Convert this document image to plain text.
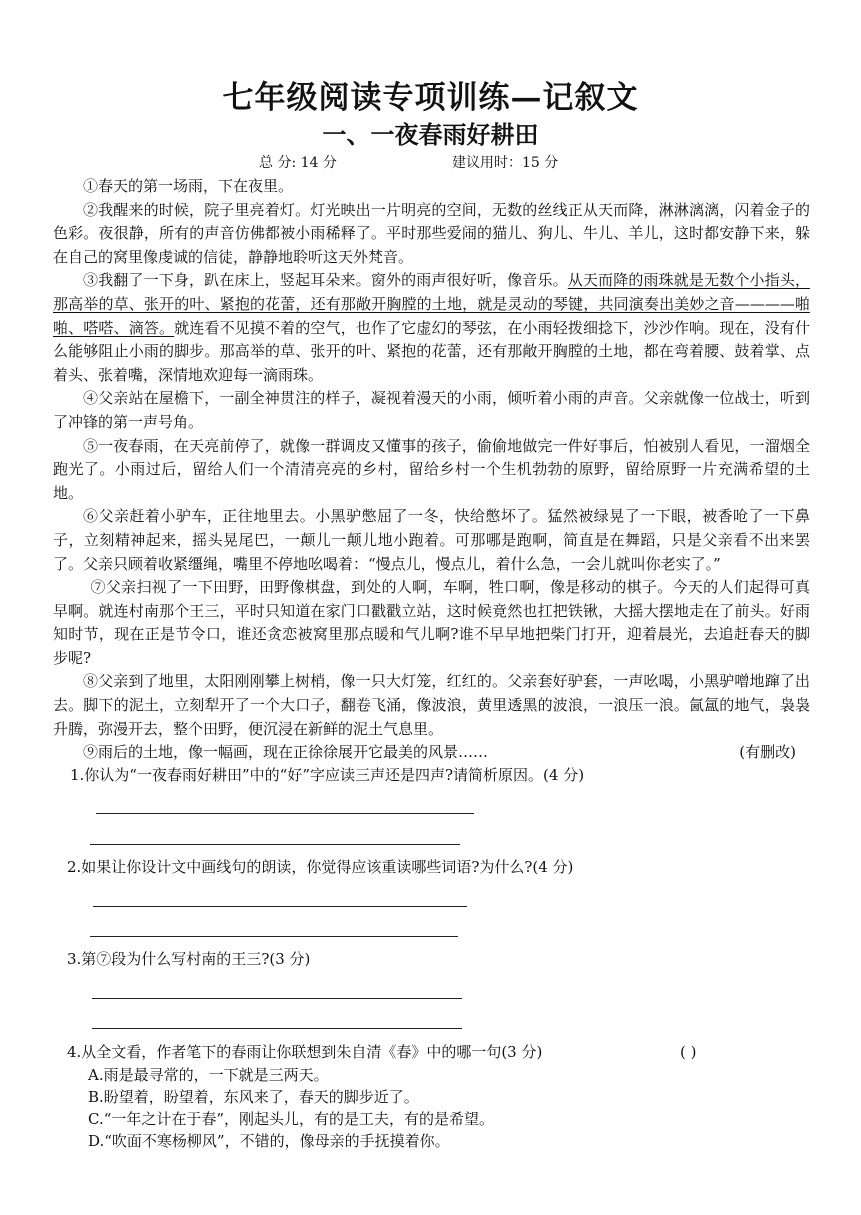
七年级阅读专项训练—记叙文
一、一夜春雨好耕田
总 分: 14 分	建议用时：15 分

①春天的第一场雨，下在夜里。

②我醒来的时候，院子里亮着灯。灯光映出一片明亮的空间，无数的丝线正从天而降，淋淋漓漓，闪着金子的色彩。夜很静，所有的声音仿佛都被小雨稀释了。平时那些爱闹的猫儿、狗儿、牛儿、羊儿，这时都安静下来，躲在自己的窝里像虔诚的信徒，静静地聆听这天外梵音。

③我翻了一下身，趴在床上，竖起耳朵来。窗外的雨声很好听，像音乐。从天而降的雨珠就是无数个小指头，那高举的草、张开的叶、紧抱的花蕾，还有那敞开胸膛的土地，就是灵动的琴键，共同演奏出美妙之音————啪啪、嗒嗒、滴答。就连看不见摸不着的空气，也作了它虚幻的琴弦，在小雨轻拨细捻下，沙沙作响。现在，没有什么能够阻止小雨的脚步。那高举的草、张开的叶、紧抱的花蕾，还有那敞开胸膛的土地，都在弯着腰、鼓着掌、点着头、张着嘴，深情地欢迎每一滴雨珠。

④父亲站在屋檐下，一副全神贯注的样子，凝视着漫天的小雨，倾听着小雨的声音。父亲就像一位战士，听到了冲锋的第一声号角。

⑤一夜春雨，在天亮前停了，就像一群调皮又懂事的孩子，偷偷地做完一件好事后，怕被别人看见，一溜烟全跑光了。小雨过后，留给人们一个清清亮亮的乡村，留给乡村一个生机勃勃的原野，留给原野一片充满希望的土地。

⑥父亲赶着小驴车，正往地里去。小黑驴憋屈了一冬，快给憋坏了。猛然被绿晃了一下眼，被香呛了一下鼻子，立刻精神起来，摇头晃尾巴，一颠儿一颠儿地小跑着。可那哪是跑啊，简直是在舞蹈，只是父亲看不出来罢了。父亲只顾着收紧缰绳，嘴里不停地吆喝着：“慢点儿，慢点儿，着什么急，一会儿就叫你老实了。”

⑦父亲扫视了一下田野，田野像棋盘，到处的人啊，车啊，牲口啊，像是移动的棋子。今天的人们起得可真早啊。就连村南那个王三，平时只知道在家门口戳戳立站，这时候竟然也扛把铁锹，大摇大摆地走在了前头。好雨知时节，现在正是节令口，谁还贪恋被窝里那点暖和气儿啊?谁不早早地把柴门打开，迎着晨光，去追赶春天的脚步呢?

⑧父亲到了地里，太阳刚刚攀上树梢，像一只大灯笼，红红的。父亲套好驴套，一声吆喝，小黑驴噌地蹿了出去。脚下的泥土，立刻犁开了一个大口子，翻卷飞涌，像波浪，黄里透黑的波浪，一浪压一浪。氤氲的地气，袅袅升腾，弥漫开去，整个田野，便沉浸在新鲜的泥土气息里。

⑨雨后的土地，像一幅画，现在正徐徐展开它最美的风景……	(有删改)

1.你认为“一夜春雨好耕田”中的“好”字应读三声还是四声?请简析原因。(4 分)
2.如果让你设计文中画线句的朗读，你觉得应该重读哪些词语?为什么?(4 分)
3.第⑦段为什么写村南的王三?(3 分)
4.从全文看，作者笔下的春雨让你联想到朱自清《春》中的哪一句(3 分)	( )
A.雨是最寻常的，一下就是三两天。
B.盼望着，盼望着，东风来了，春天的脚步近了。
C.“一年之计在于春”，刚起头儿，有的是工夫，有的是希望。
D.“吹面不寒杨柳风”，不错的，像母亲的手抚摸着你。
